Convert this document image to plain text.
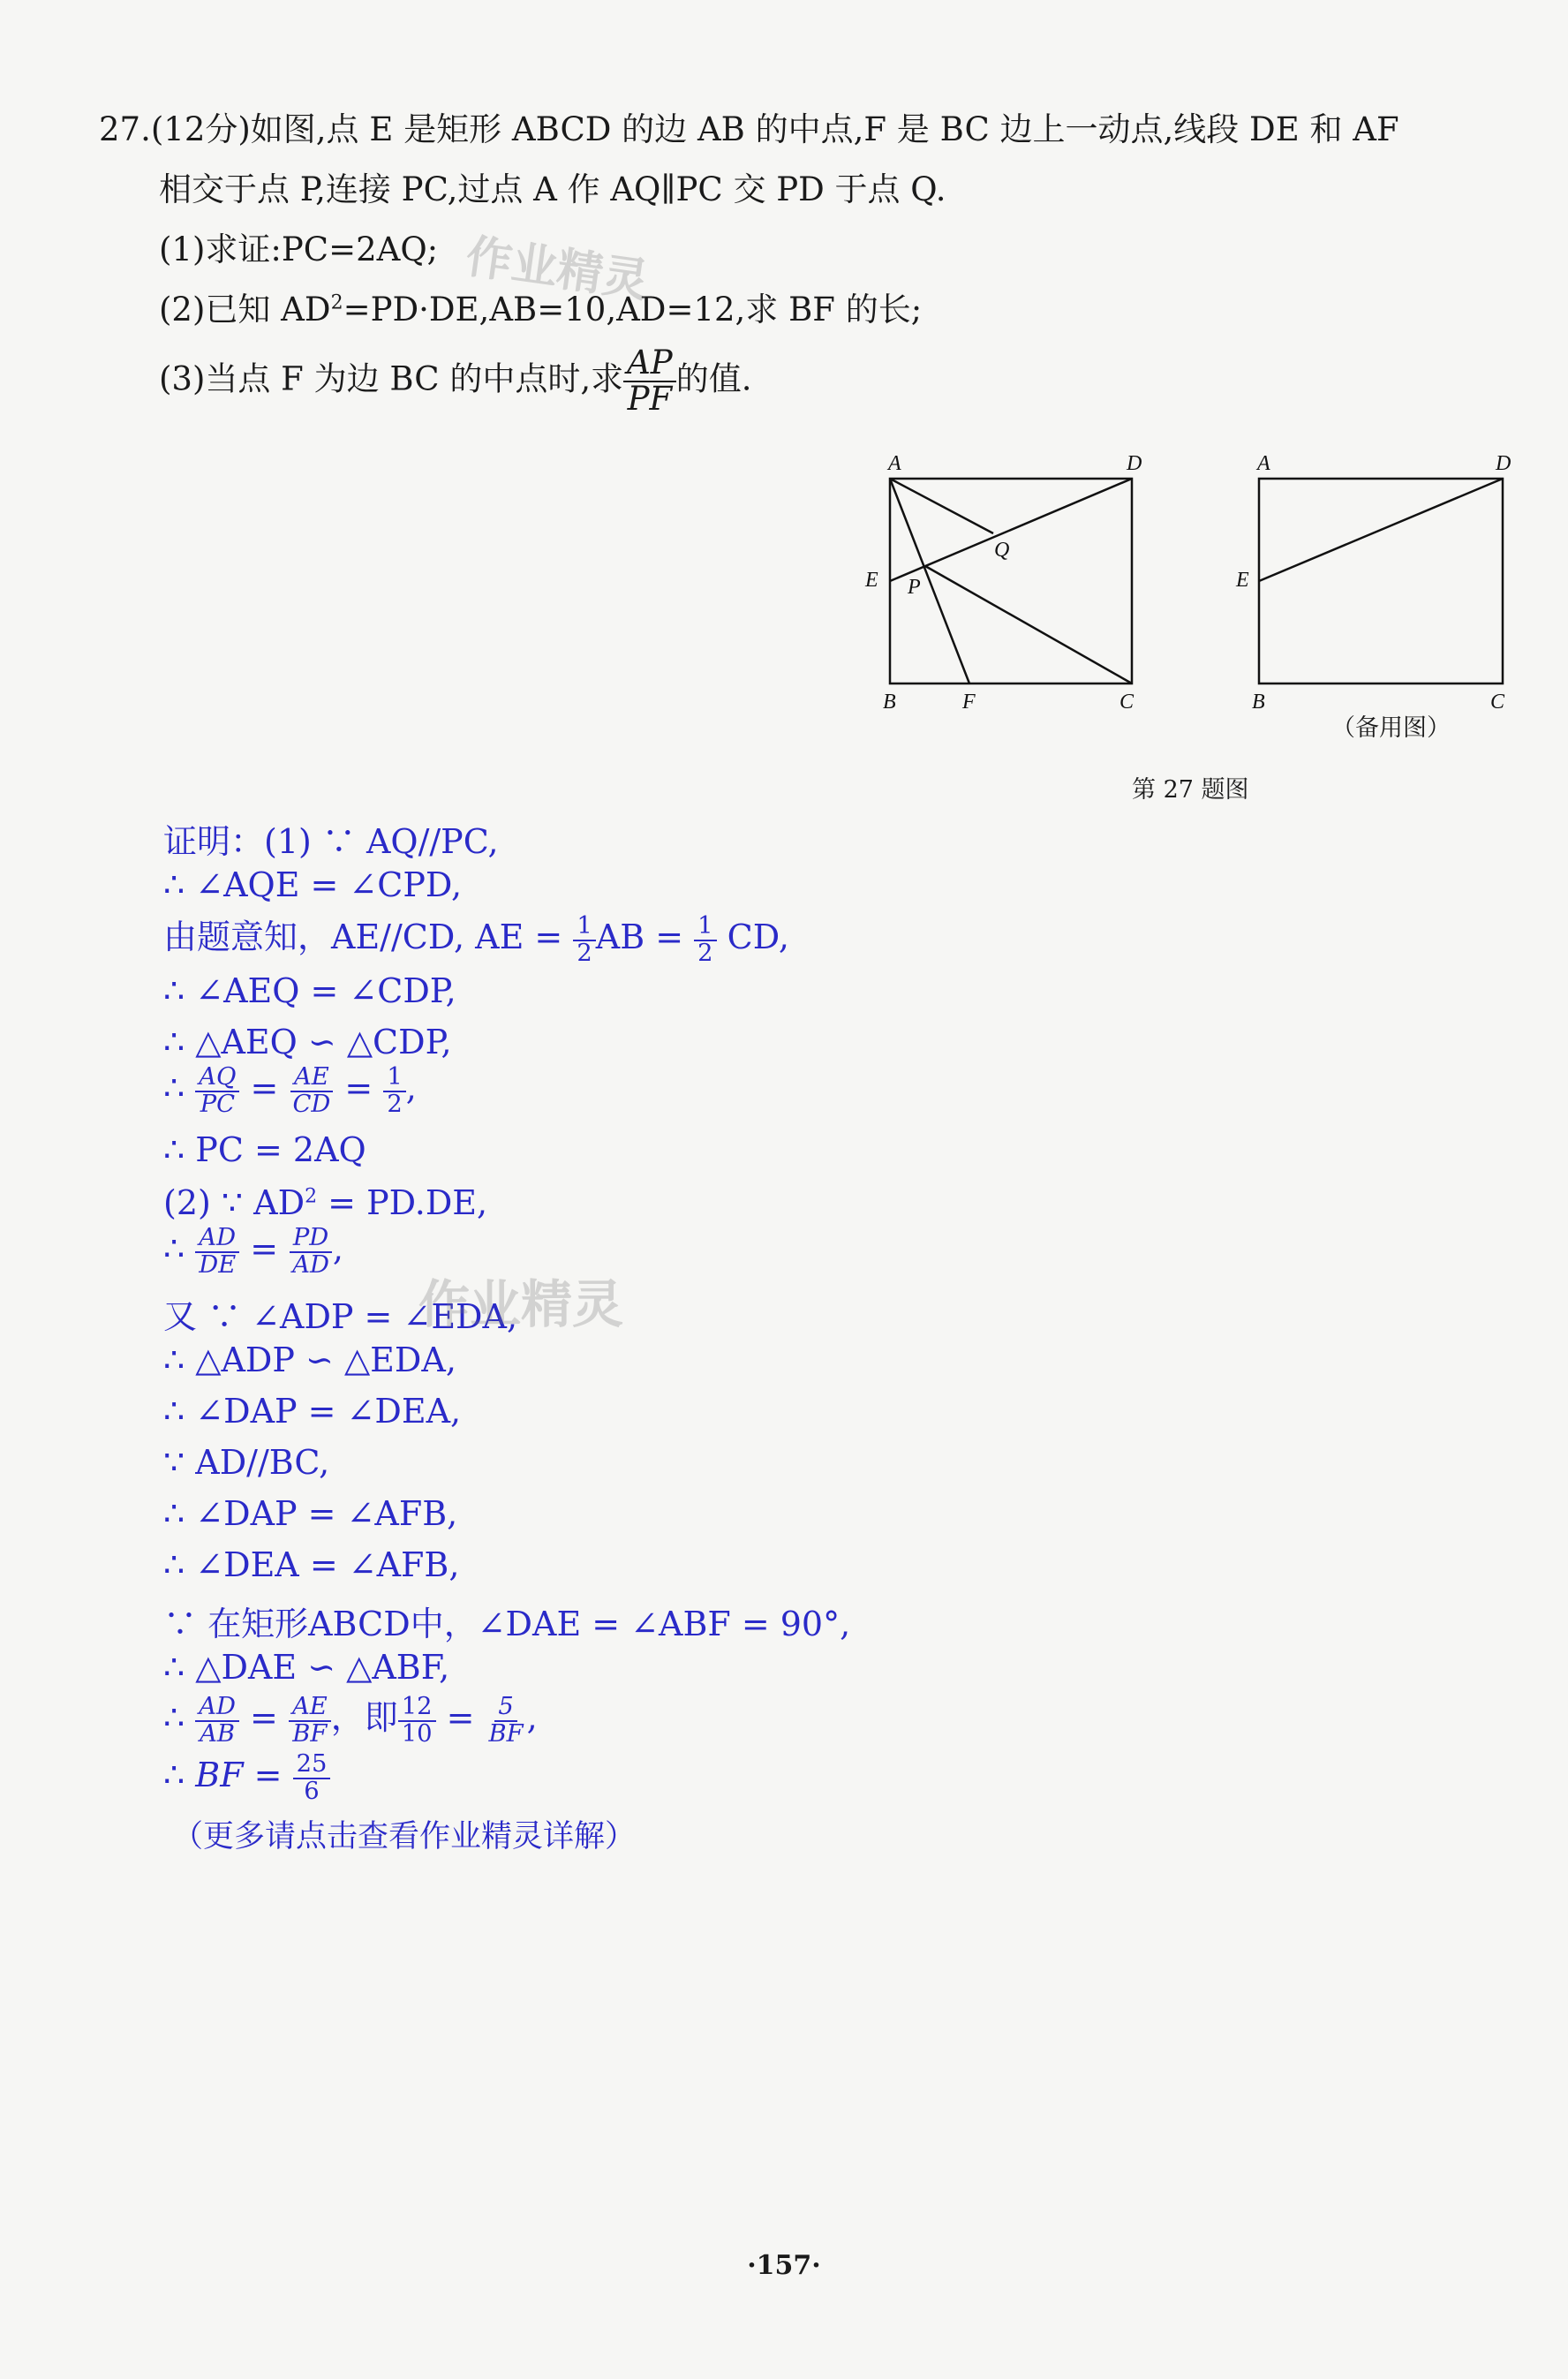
27.(12分)如图,点 E 是矩形 ABCD 的边 AB 的中点,F 是 BC 边上一动点,线段 DE 和 AF
相交于点 P,连接 PC,过点 A 作 AQ∥PC 交 PD 于点 Q.
(1)求证:PC=2AQ;
(2)已知 $AD^2=PD\cdot DE,AB=10,AD=12$,求 BF 的长;
(3)当点 F 为边 BC 的中点时,求 $\frac{AP}{PF}$ 的值.
A	D
E P
Q
B	F	C
A	D
E
B	C
（备用图）
第 27 题图
证明：(1) ∵ AQ//PC,
∴ ∠AQE = ∠CPD,
由题意知，AE//CD, AE = $\frac{1}{2}$ AB = $\frac{1}{2}$ CD,
∴ ∠AEQ = ∠CDP,
∴ △AEQ ∽ △CDP,
∴ $\frac{AQ}{PC} = \frac{AE}{CD} = \frac{1}{2}$ ,
∴ PC = 2AQ
(2) ∵ $AD^2 = PD.DE$,
∴ $\frac{AD}{DE} = \frac{PD}{AD}$ ,
又 ∵ ∠ADP = ∠EDA,
∴ △ADP ∽ △EDA,
∴ ∠DAP = ∠DEA,
∵ AD//BC,
∴ ∠DAP = ∠AFB,
∴ ∠DEA = ∠AFB,
∵ 在矩形ABCD中，∠DAE = ∠ABF = 90°,
∴ △DAE ∽ △ABF,
∴ $\frac{AD}{AB} = \frac{AE}{BF}$ ，即 $\frac{12}{10} = \frac{5}{BF}$ ,
∴ BF = $\frac{25}{6}$
（更多请点击查看作业精灵详解）
作业精灵
作业精灵
·157·
